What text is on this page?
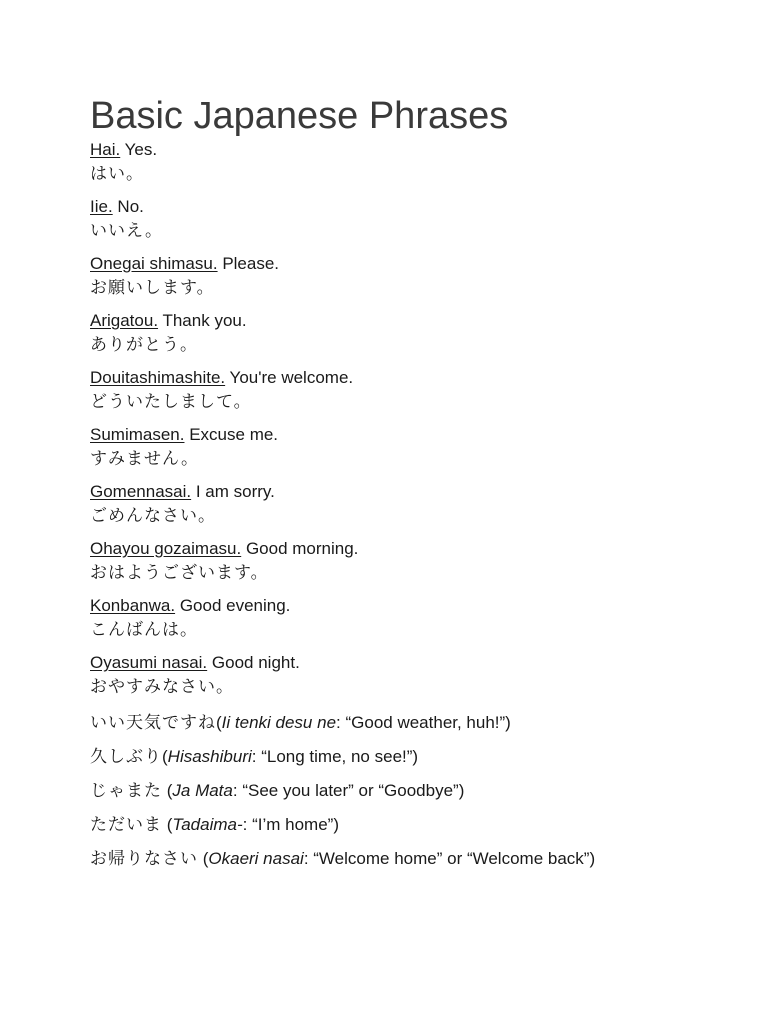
Basic Japanese Phrases
Hai. Yes.
はい。
Iie. No.
いいえ。
Onegai shimasu. Please.
お願いします。
Arigatou. Thank you.
ありがとう。
Douitashimashite. You're welcome.
どういたしまして。
Sumimasen. Excuse me.
すみません。
Gomennasai. I am sorry.
ごめんなさい。
Ohayou gozaimasu. Good morning.
おはようございます。
Konbanwa. Good evening.
こんばんは。
Oyasumi nasai. Good night.
おやすみなさい。
いい天気ですね(Ii tenki desu ne: “Good weather, huh!”)
久しぶり(Hisashiburi: “Long time, no see!”)
じゃまた (Ja Mata: “See you later” or “Goodbye”)
ただいま (Tadaima-: “I’m home”)
お帰りなさい (Okaeri nasai: “Welcome home” or “Welcome back”)
